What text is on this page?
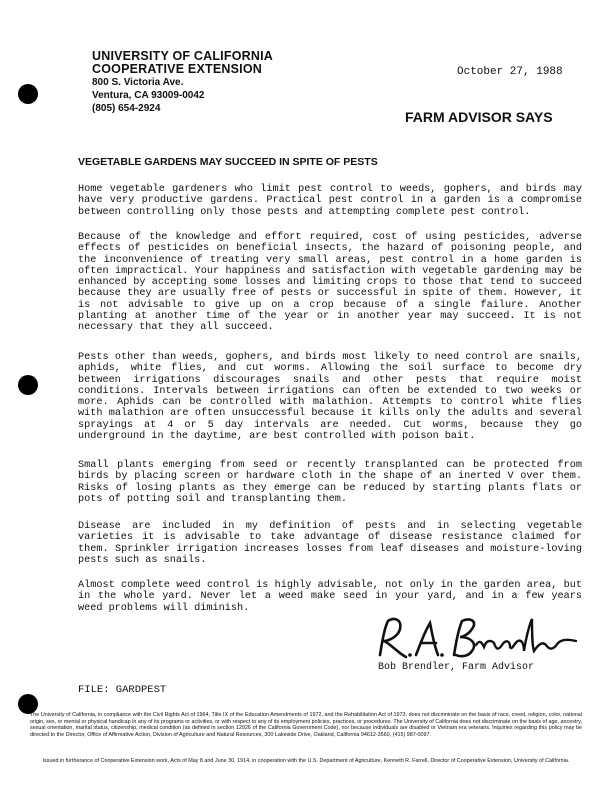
UNIVERSITY OF CALIFORNIA
COOPERATIVE EXTENSION
800 S. Victoria Ave.
Ventura, CA 93009-0042
(805) 654-2924
October 27, 1988
FARM ADVISOR SAYS
VEGETABLE GARDENS MAY SUCCEED IN SPITE OF PESTS
Home vegetable gardeners who limit pest control to weeds, gophers, and birds may have very productive gardens. Practical pest control in a garden is a compromise between controlling only those pests and attempting complete pest control.
Because of the knowledge and effort required, cost of using pesticides, adverse effects of pesticides on beneficial insects, the hazard of poisoning people, and the inconvenience of treating very small areas, pest control in a home garden is often impractical. Your happiness and satisfaction with vegetable gardening may be enhanced by accepting some losses and limiting crops to those that tend to succeed because they are usually free of pests or successful in spite of them. However, it is not advisable to give up on a crop because of a single failure. Another planting at another time of the year or in another year may succeed. It is not necessary that they all succeed.
Pests other than weeds, gophers, and birds most likely to need control are snails, aphids, white flies, and cut worms. Allowing the soil surface to become dry between irrigations discourages snails and other pests that require moist conditions. Intervals between irrigations can often be extended to two weeks or more. Aphids can be controlled with malathion. Attempts to control white flies with malathion are often unsuccessful because it kills only the adults and several sprayings at 4 or 5 day intervals are needed. Cut worms, because they go underground in the daytime, are best controlled with poison bait.
Small plants emerging from seed or recently transplanted can be protected from birds by placing screen or hardware cloth in the shape of an inerted V over them. Risks of losing plants as they emerge can be reduced by starting plants flats or pots of potting soil and transplanting them.
Disease are included in my definition of pests and in selecting vegetable varieties it is advisable to take advantage of disease resistance claimed for them. Sprinkler irrigation increases losses from leaf diseases and moisture-loving pests such as snails.
Almost complete weed control is highly advisable, not only in the garden area, but in the whole yard. Never let a weed make seed in your yard, and in a few years weed problems will diminish.
Bob Brendler, Farm Advisor
FILE: GARDPEST
The University of California, in compliance with the Civil Rights Act of 1964, Title IX of the Education Amendments of 1972, and the Rehabilitation Act of 1973, does not discriminate on the basis of race, creed, religion, color, national origin, sex, or mental or physical handicap in any of its programs or activities, or with respect to any of its employment policies, practices, or procedures. The University of California does not discriminate on the basis of age, ancestry, sexual orientation, marital status, citizenship, medical condition (as defined in section 12926 of the California Government Code), nor because individuals are disabled or Vietnam era veterans. Inquiries regarding this policy may be directed to the Director, Office of Affirmative Action, Division of Agriculture and Natural Resources, 300 Lakeside Drive, Oakland, California 94612-3560, (415) 987-0097.
Issued in furtherance of Cooperative Extension work, Acts of May 8 and June 30, 1914, in cooperation with the U.S. Department of Agriculture, Kenneth R. Farrell, Director of Cooperative Extension, University of California.
